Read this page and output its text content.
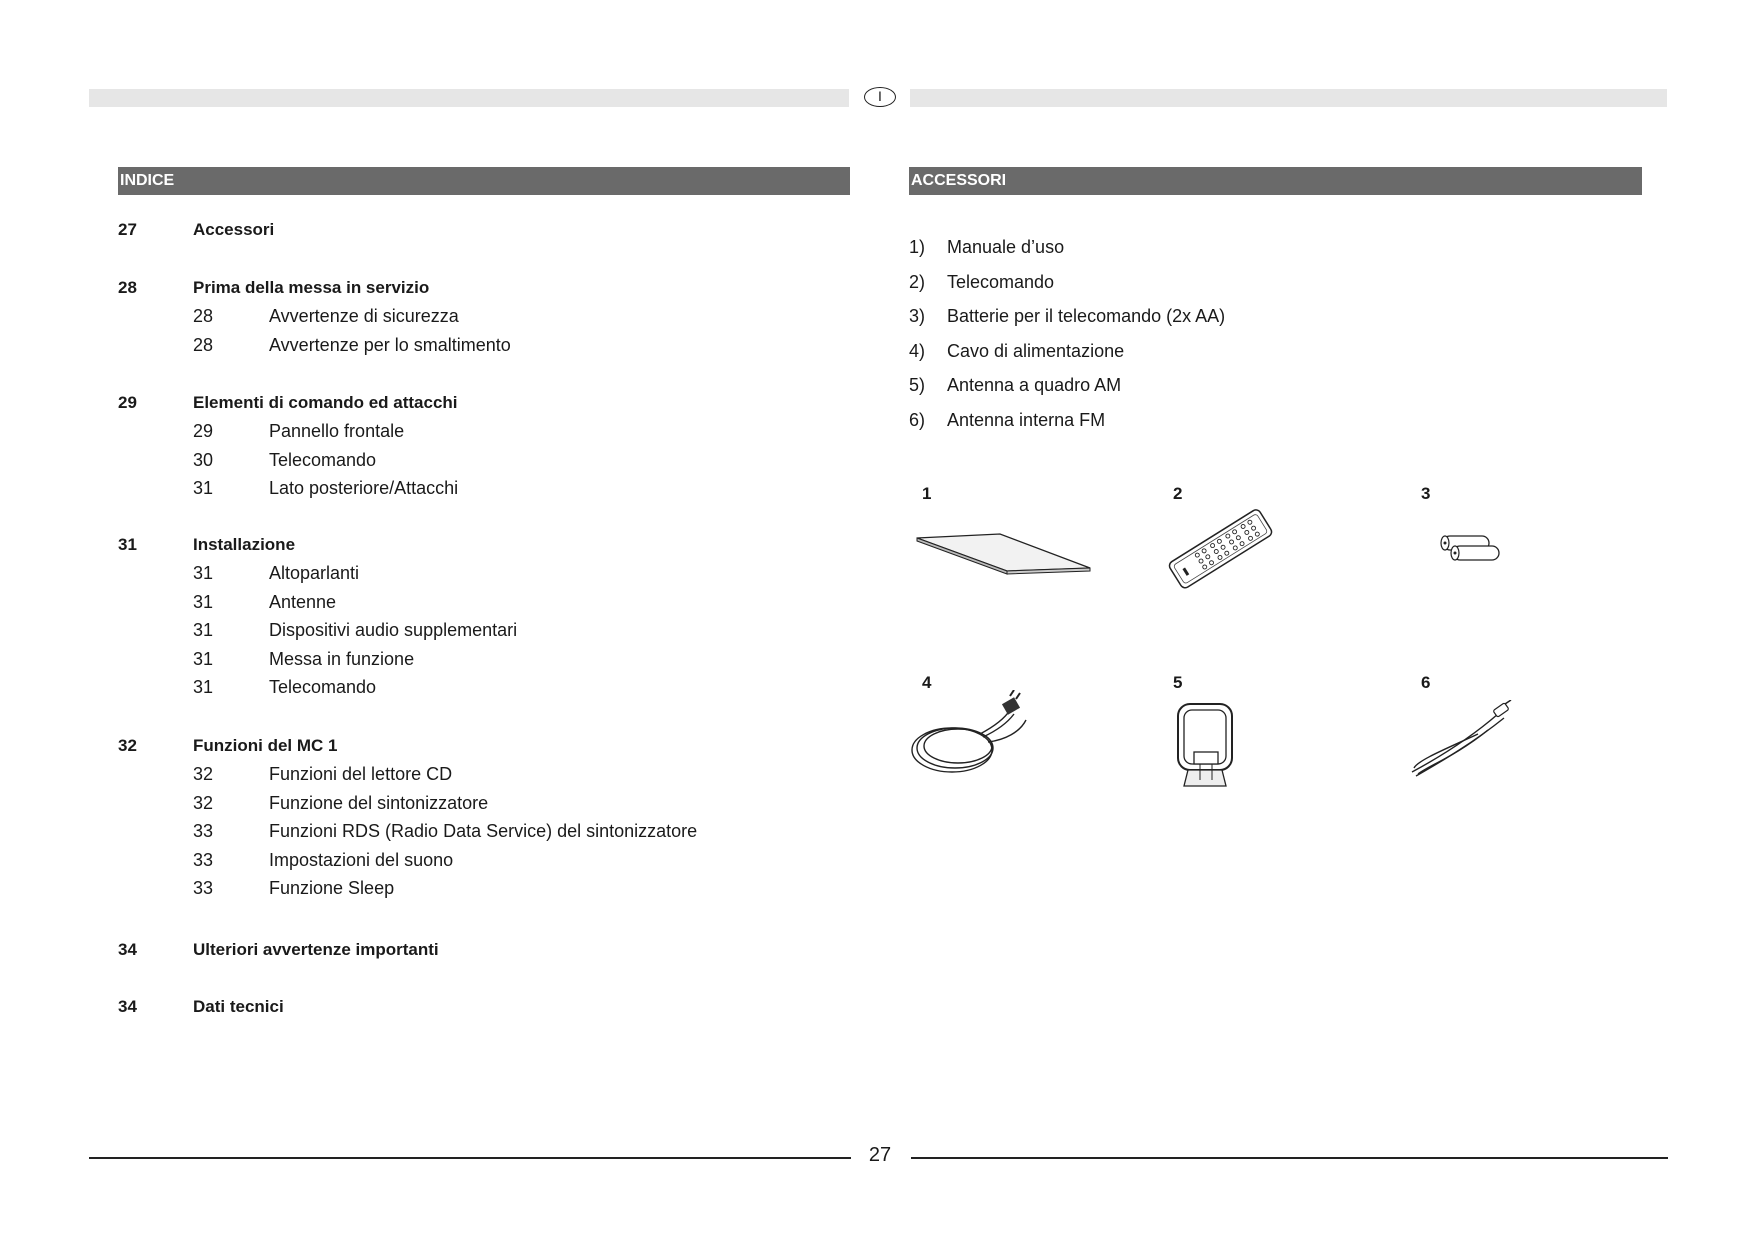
I
INDICE	ACCESSORI
27	Accessori
28	Prima della messa in servizio
28	Avvertenze di sicurezza
28	Avvertenze per lo smaltimento
29	Elementi di comando ed attacchi
29	Pannello frontale
30	Telecomando
31	Lato posteriore/Attacchi
31	Installazione
31	Altoparlanti
31	Antenne
31	Dispositivi audio supplementari
31	Messa in funzione
31	Telecomando
32	Funzioni del MC 1
32	Funzioni del lettore CD
32	Funzione del sintonizzatore
33	Funzioni RDS (Radio Data Service) del sintonizzatore
33	Impostazioni del suono
33	Funzione Sleep
34	Ulteriori avvertenze importanti
34	Dati tecnici
1) Manuale d’uso
2) Telecomando
3) Batterie per il telecomando (2x AA)
4) Cavo di alimentazione
5) Antenna a quadro AM
6) Antenna interna FM
1	2	3
4	5	6
27
